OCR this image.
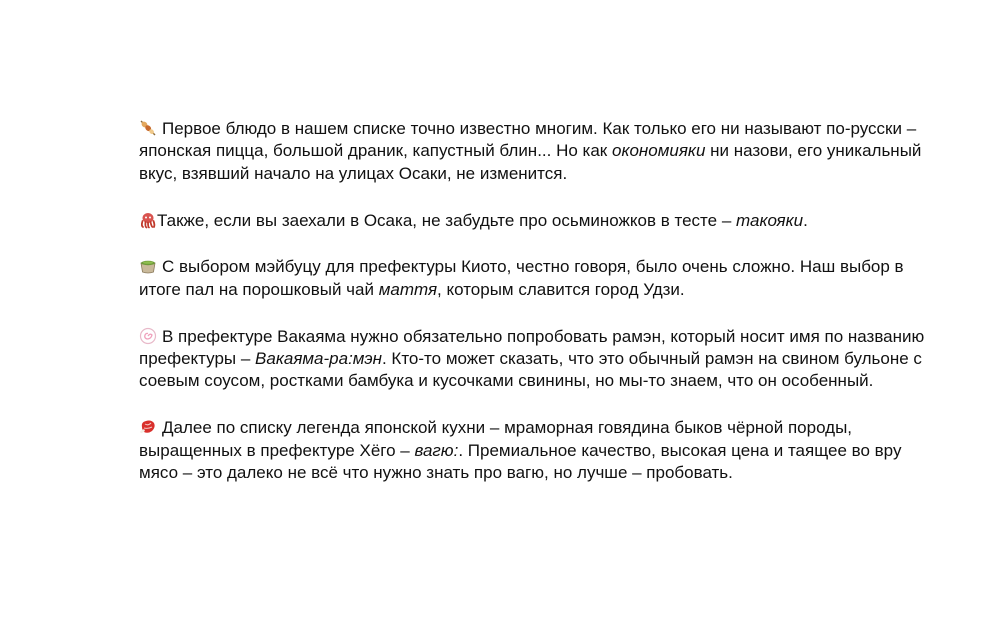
Первое блюдо в нашем списке точно известно многим. Как только его ни называют по-русски – японская пицца, большой драник, капустный блин... Но как окономияки ни назови, его уникальный вкус, взявший начало на улицах Осаки, не изменится.

Также, если вы заехали в Осака, не забудьте про осьминожков в тесте – такояки.

С выбором мэйбуцу для префектуры Киото, честно говоря, было очень сложно. Наш выбор в итоге пал на порошковый чай маття, которым славится город Удзи.

В префектуре Вакаяма нужно обязательно попробовать рамэн, который носит имя по названию префектуры – Вакаяма-ра:мэн. Кто-то может сказать, что это обычный рамэн на свином бульоне с соевым соусом, ростками бамбука и кусочками свинины, но мы-то знаем, что он особенный.

Далее по списку легенда японской кухни – мраморная говядина быков чёрной породы, выращенных в префектуре Хёго – вагю:. Премиальное качество, высокая цена и таящее во вру мясо – это далеко не всё что нужно знать про вагю, но лучше – пробовать.
